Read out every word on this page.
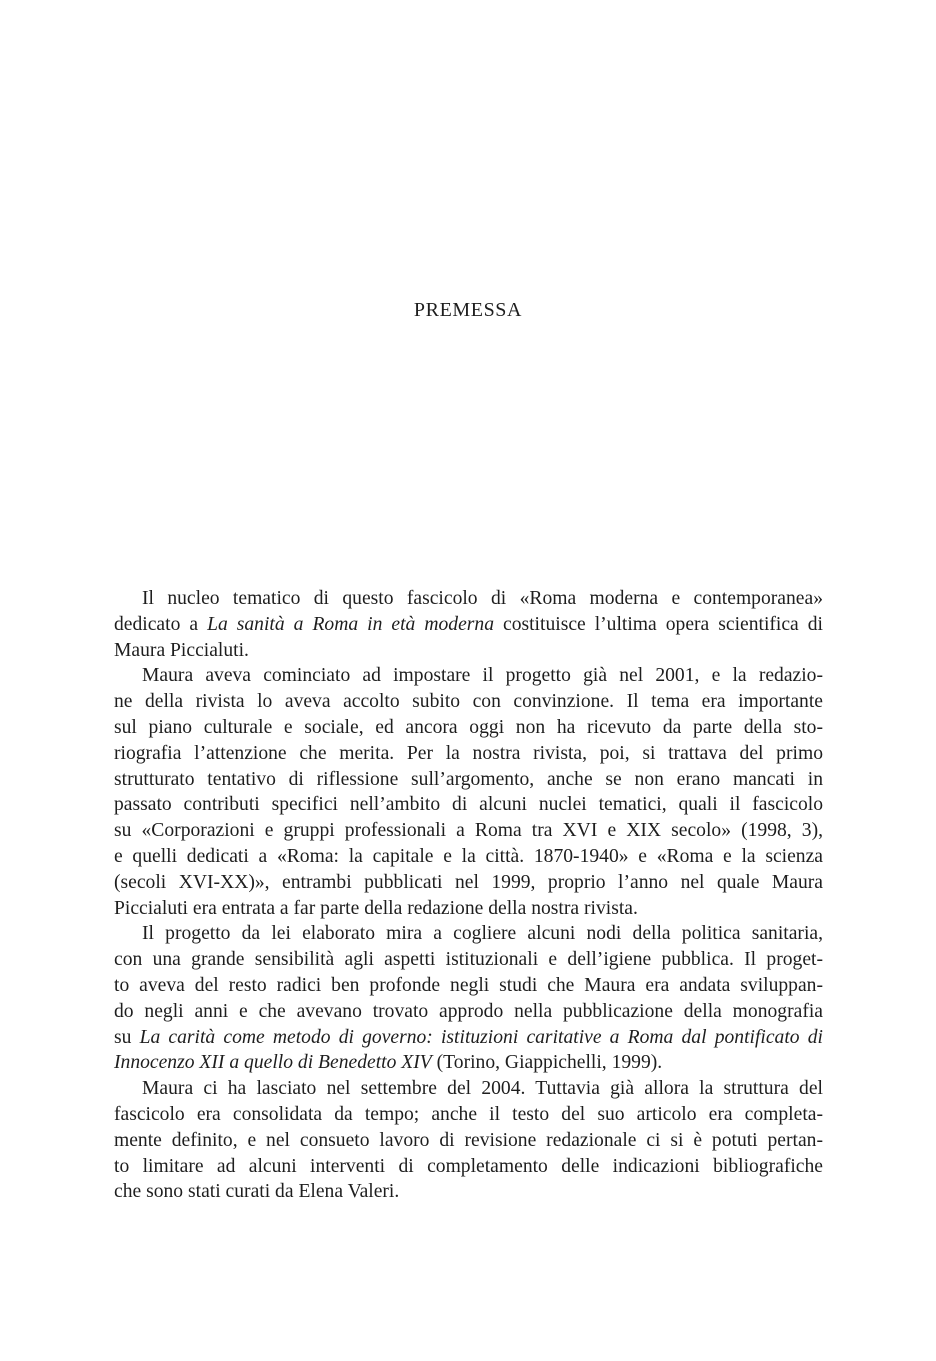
PREMESSA
Il nucleo tematico di questo fascicolo di «Roma moderna e contemporanea»
dedicato a La sanità a Roma in età moderna costituisce l’ultima opera scientifica di
Maura Piccialuti.
Maura aveva cominciato ad impostare il progetto già nel 2001, e la redazio-
ne della rivista lo aveva accolto subito con convinzione. Il tema era importante
sul piano culturale e sociale, ed ancora oggi non ha ricevuto da parte della sto-
riografia l’attenzione che merita. Per la nostra rivista, poi, si trattava del primo
strutturato tentativo di riflessione sull’argomento, anche se non erano mancati in
passato contributi specifici nell’ambito di alcuni nuclei tematici, quali il fascicolo
su «Corporazioni e gruppi professionali a Roma tra XVI e XIX secolo» (1998, 3),
e quelli dedicati a «Roma: la capitale e la città. 1870-1940» e «Roma e la scienza
(secoli XVI-XX)», entrambi pubblicati nel 1999, proprio l’anno nel quale Maura
Piccialuti era entrata a far parte della redazione della nostra rivista.
Il progetto da lei elaborato mira a cogliere alcuni nodi della politica sanitaria,
con una grande sensibilità agli aspetti istituzionali e dell’igiene pubblica. Il proget-
to aveva del resto radici ben profonde negli studi che Maura era andata sviluppan-
do negli anni e che avevano trovato approdo nella pubblicazione della monografia
su La carità come metodo di governo: istituzioni caritative a Roma dal pontificato di
Innocenzo XII a quello di Benedetto XIV (Torino, Giappichelli, 1999).
Maura ci ha lasciato nel settembre del 2004. Tuttavia già allora la struttura del
fascicolo era consolidata da tempo; anche il testo del suo articolo era completa-
mente definito, e nel consueto lavoro di revisione redazionale ci si è potuti pertan-
to limitare ad alcuni interventi di completamento delle indicazioni bibliografiche
che sono stati curati da Elena Valeri.
